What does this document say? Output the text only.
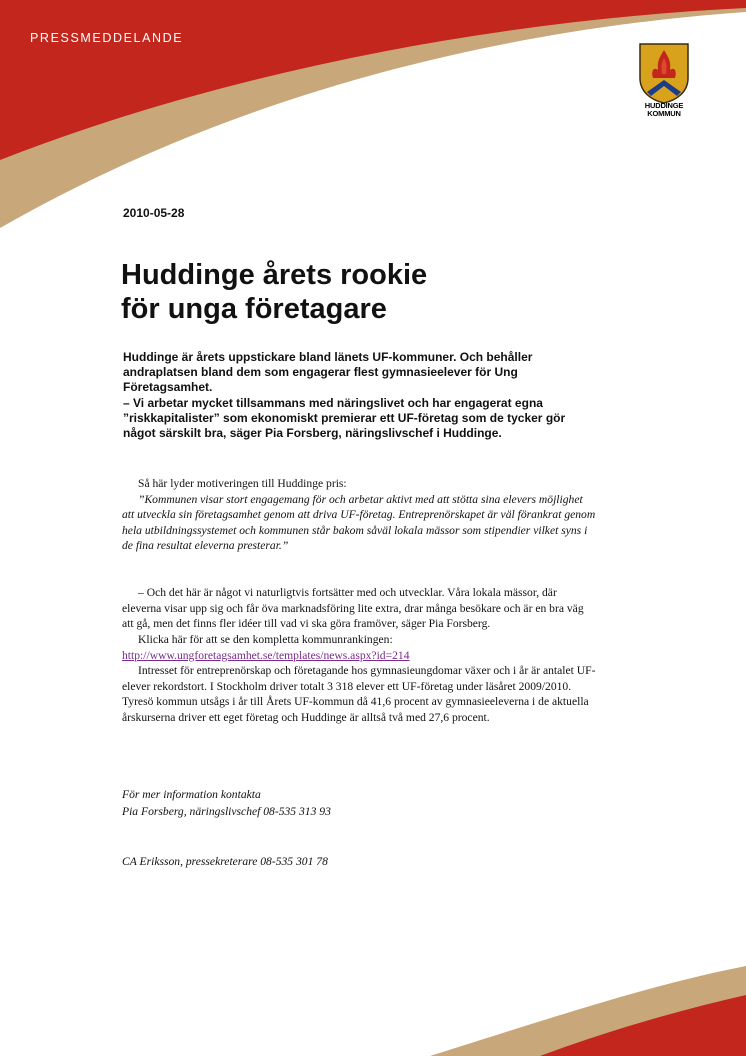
PRESSMEDDELANDE
HUDDINGE
KOMMUN
2010-05-28
Huddinge årets rookie
för unga företagare

Huddinge är årets uppstickare bland länets UF-kommuner. Och behåller andraplatsen bland dem som engagerar flest gymnasieelever för Ung Företagsamhet.

– Vi arbetar mycket tillsammans med näringslivet och har engagerat egna ”riskkapitalister” som ekonomiskt premierar ett UF-företag som de tycker gör något särskilt bra, säger Pia Forsberg, näringslivschef i Huddinge.

Så här lyder motiveringen till Huddinge pris:

”Kommunen visar stort engagemang för och arbetar aktivt med att stötta sina elevers möjlighet att utveckla sin företagsamhet genom att driva UF-företag. Entreprenörskapet är väl förankrat genom hela utbildningssystemet och kommunen står bakom såväl lokala mässor som stipendier vilket syns i de fina resultat eleverna presterar.”

– Och det här är något vi naturligtvis fortsätter med och utvecklar. Våra lokala mässor, där eleverna visar upp sig och får öva marknadsföring lite extra, drar många besökare och är en bra väg att gå, men det finns fler idéer till vad vi ska göra framöver, säger Pia Forsberg.

Klicka här för att se den kompletta kommunrankingen:

http://www.ungforetagsamhet.se/templates/news.aspx?id=214

Intresset för entreprenörskap och företagande hos gymnasieungdomar växer och i år är antalet UF-elever rekordstort. I Stockholm driver totalt 3 318 elever ett UF-företag under läsåret 2009/2010.

Tyresö kommun utsågs i år till Årets UF-kommun då 41,6 procent av gymnasieeleverna i de aktuella årskurserna driver ett eget företag och Huddinge är alltså två med 27,6 procent.

För mer information kontakta

Pia Forsberg, näringslivschef 08-535 313 93

CA Eriksson, pressekreterare 08-535 301 78
